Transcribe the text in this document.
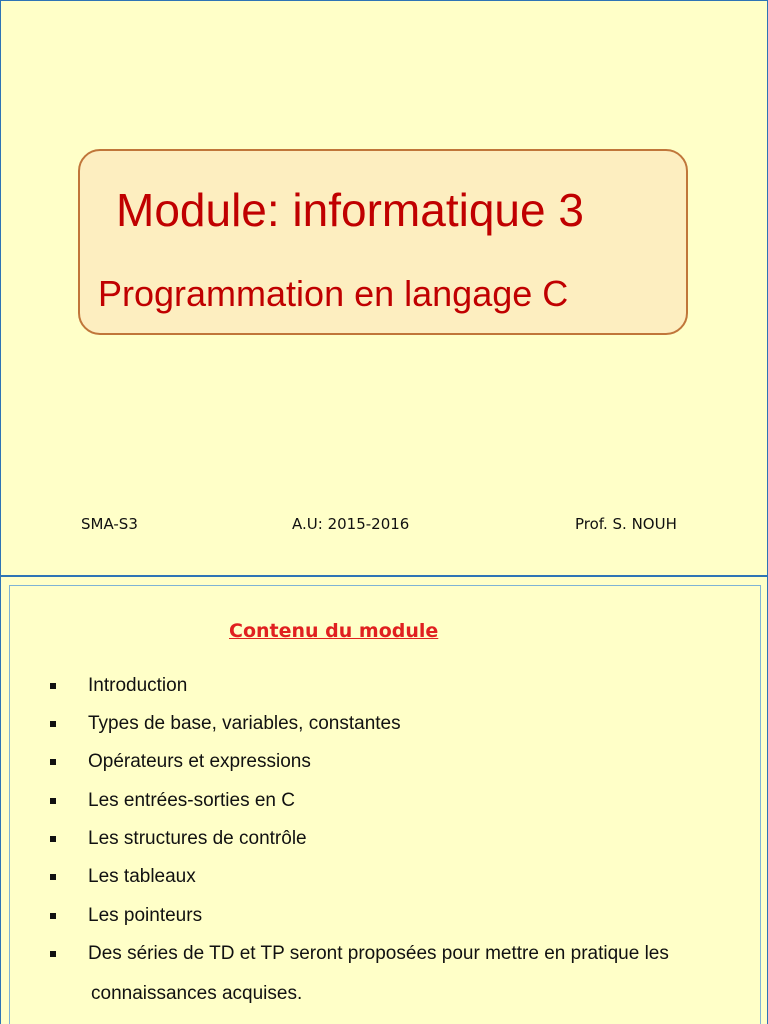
Module: informatique 3
Programmation en langage C
SMA-S3	A.U: 2015-2016	Prof. S. NOUH
Contenu du module
Introduction
Types de base, variables, constantes
Opérateurs et expressions
Les entrées-sorties en C
Les structures de contrôle
Les tableaux
Les pointeurs
Des séries de TD et TP seront proposées pour mettre en pratique les
connaissances acquises.
